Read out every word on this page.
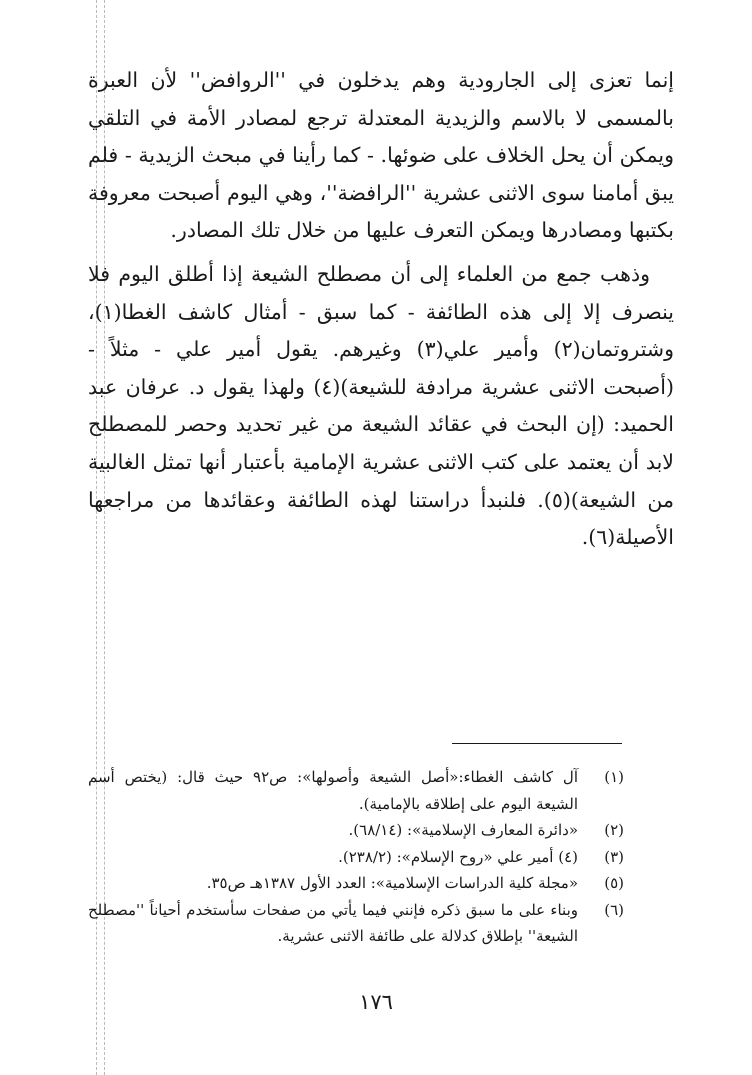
إنما تعزى إلى الجارودية وهم يدخلون في ''الروافض'' لأن العبرة بالمسمى لا بالاسم والزيدية المعتدلة ترجع لمصادر الأمة في التلقي ويمكن أن يحل الخلاف على ضوئها. - كما رأينا في مبحث الزيدية - فلم يبق أمامنا سوى الاثنى عشرية ''الرافضة''، وهي اليوم أصبحت معروفة بكتبها ومصادرها ويمكن التعرف عليها من خلال تلك المصادر.

وذهب جمع من العلماء إلى أن مصطلح الشيعة إذا أطلق اليوم فلا ينصرف إلا إلى هذه الطائفة - كما سبق - أمثال كاشف الغطا(١)، وشتروتمان(٢) وأمير علي(٣) وغيرهم. يقول أمير علي - مثلاً - (أصبحت الاثنى عشرية مرادفة للشيعة)(٤) ولهذا يقول د. عرفان عبد الحميد: (إن البحث في عقائد الشيعة من غير تحديد وحصر للمصطلح لابد أن يعتمد على كتب الاثنى عشرية الإمامية بأعتبار أنها تمثل الغالبية من الشيعة)(٥). فلنبدأ دراستنا لهذه الطائفة وعقائدها من مراجعها الأصيلة(٦).

(١)
آل كاشف الغطاء:«أصل الشيعة وأصولها»: ص٩٢ حيث قال: (يختص أسم الشيعة اليوم على إطلاقه بالإمامية).
(٢)
«دائرة المعارف الإسلامية»: (٦٨/١٤).
(٣)
(٤) أمير علي «روح الإسلام»: (٢٣٨/٢).
(٥)
«مجلة كلية الدراسات الإسلامية»: العدد الأول ١٣٨٧هـ ص٣٥.
(٦)
وبناء على ما سبق ذكره فإنني فيما يأتي من صفحات سأستخدم أحياناً ''مصطلح الشيعة'' بإطلاق كدلالة على طائفة الاثنى عشرية.
١٧٦
